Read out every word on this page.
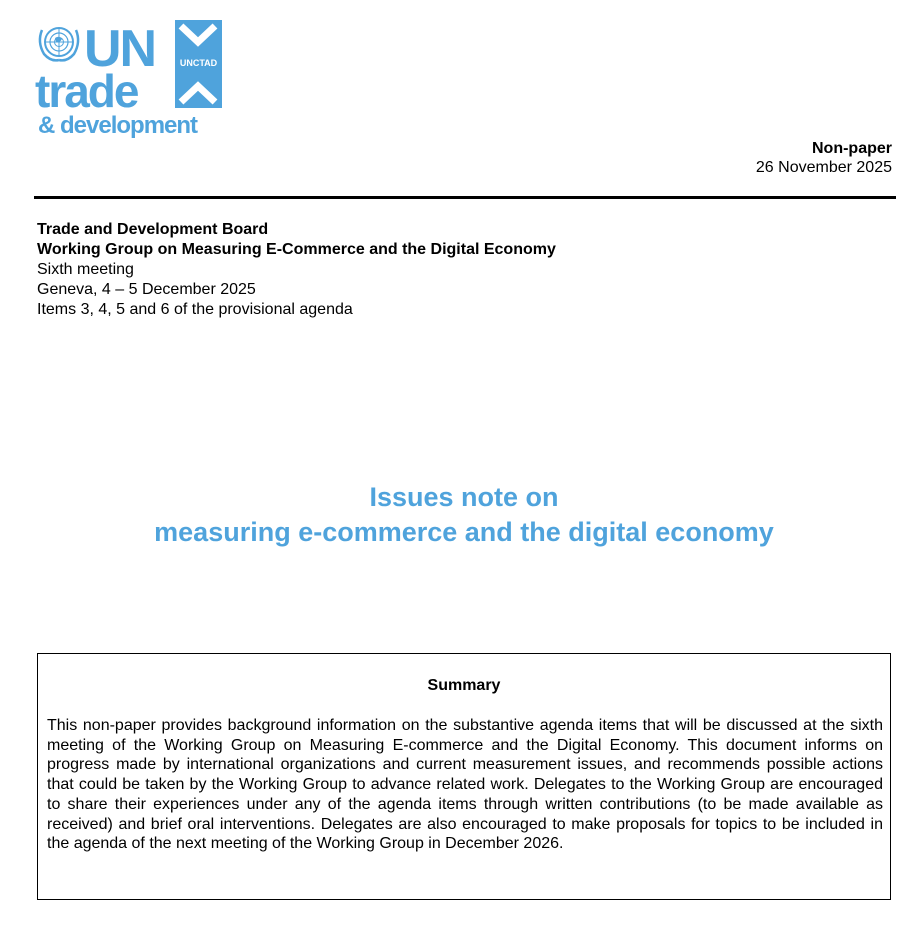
UN
trade
& development
UNCTAD
Non-paper
26 November 2025
Trade and Development Board
Working Group on Measuring E-Commerce and the Digital Economy
Sixth meeting
Geneva, 4 – 5 December 2025
Items 3, 4, 5 and 6 of the provisional agenda
Issues note on
measuring e-commerce and the digital economy
Summary
This non-paper provides background information on the substantive agenda items that will be discussed at the sixth meeting of the Working Group on Measuring E-commerce and the Digital Economy. This document informs on progress made by international organizations and current measurement issues, and recommends possible actions that could be taken by the Working Group to advance related work. Delegates to the Working Group are encouraged to share their experiences under any of the agenda items through written contributions (to be made available as received) and brief oral interventions. Delegates are also encouraged to make proposals for topics to be included in the agenda of the next meeting of the Working Group in December 2026.
